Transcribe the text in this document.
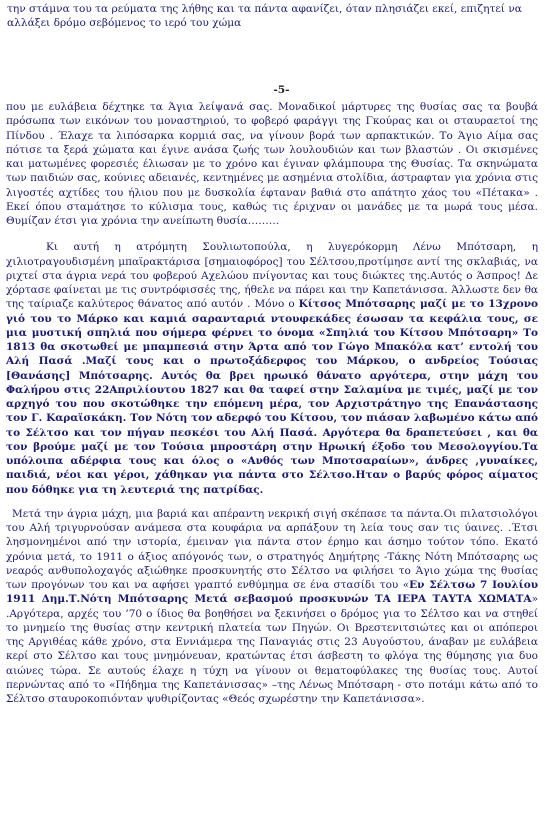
την στάμνα του τα ρεύματα της λήθης και τα πάντα αφανίζει, όταν πλησιάζει εκεί, επιζητεί να αλλάξει δρόμο σεβόμενος το ιερό του χώμα
-5-

που με ευλάβεια δέχτηκε τα Άγια λείψανά σας. Μοναδικοί μάρτυρες της θυσίας σας τα βουβά πρόσωπα των εικόνων του μοναστηριού, το φοβερό φαράγγι της Γκούρας και οι σταυραετοί της Πίνδου . Έλαχε τα λιπόσαρκα κορμιά σας, να γίνουν βορά των αρπακτικών. Το Άγιο Αίμα σας πότισε τα ξερά χώματα και έγινε ανάσα ζωής των λουλουδιών και των βλαστών . Οι σκισμένες και ματωμένες φορεσιές έλιωσαν με το χρόνο και έγιναν φλάμπουρα της Θυσίας. Τα σκηνώματα των παιδιών σας, κούνιες αδειανές, κεντημένες με ασημένια στολίδια, άστραφταν για χρόνια στις λιγοστές αχτίδες του ήλιου που με δυσκολία έφταναν βαθιά στο απάτητο χάος του «Πέτακα» . Εκεί όπου σταμάτησε το κύλισμα τους, καθώς τις έριχναν οι μανάδες με τα μωρά τους μέσα. Θυμίζαν έτσι για χρόνια την ανείπωτη θυσία………

Κι αυτή η ατρόμητη Σουλιωτοπούλα, η λυγερόκορμη Λένω Μπότσαρη, η χιλιοτραγουδισμένη μπαϊρακτάρισα [σημαιοφόρος] του Σέλτσου,προτίμησε αντί της σκλαβιάς, να ριχτεί στα άγρια νερά του φοβερού Αχελώου πνίγοντας και τους διώκτες της.Αυτός ο Άσπρος! Δε χόρτασε φαίνεται με τις συντρόφισσές της, ήθελε να πάρει και την Καπετάνισσα. Άλλωστε δεν θα της ταίριαζε καλύτερος θάνατος από αυτόν . Μόνο ο Κίτσος Μπότσαρης μαζί με το 13χρονο γιό του το Μάρκο και καμιά σαρανταριά ντουφεκάδες έσωσαν τα κεφάλια τους, σε μια μυστική σπηλιά που σήμερα φέρνει το όνομα «Σπηλιά του Κίτσου Μπότσαρη» Το 1813 θα σκοτωθεί με μπαμπεσιά στην Άρτα από τον Γώγο Μπακόλα κατ’ εντολή του Αλή Πασά .Μαζί τους και ο πρωτοξάδερφος του Μάρκου, ο ανδρείος Τούσιας [Θανάσης] Μπότσαρης. Αυτός θα βρει ηρωικό θάνατο αργότερα, στην μάχη του Φαλήρου στις 22Απριλίουτου 1827 και θα ταφεί στην Σαλαμίνα με τιμές, μαζί με τον αρχηγό του που σκοτώθηκε την επόμενη μέρα, τον Αρχιστράτηγο της Επανάστασης τον Γ. Καραϊσκάκη. Τον Νότη τον αδερφό του Κίτσου, τον πιάσαν λαβωμένο κάτω από το Σέλτσο και τον πήγαν πεσκέσι του Αλή Πασά. Αργότερα θα δραπετεύσει , και θα τον βρούμε μαζί με τον Τούσια μπροστάρη στην Ηρωική έξοδο του Μεσολογγίου.Τα υπόλοιπα αδέρφια τους και όλος ο «Ανθός των Μποτσαραίων», άνδρες ,γυναίκες, παιδιά, νέοι και γέροι, χάθηκαν για πάντα στο Σέλτσο.Ηταν ο βαρύς φόρος αίματος που δόθηκε για τη λευτεριά της πατρίδας.

Μετά την άγρια μάχη, μια βαριά και απέραντη νεκρική σιγή σκέπασε τα πάντα.Οι πιλατσιολόγοι του Αλή τριγυρνούσαν ανάμεσα στα κουφάρια να αρπάξουν τη λεία τους σαν τις ύαινες. .Έτσι λησμονημένοι από την ιστορία, έμειναν για πάντα στον έρημο και άσημο τούτον τόπο. Εκατό χρόνια μετά, το 1911 ο άξιος απόγονός των, ο στρατηγός Δημήτρης -Τάκης Νότη Μπότσαρης ως νεαρός ανθυπολοχαγός αξιώθηκε προσκυνητής στο Σέλτσο να φιλήσει το Άγιο χώμα της θυσίας των προγόνων του και να αφήσει γραπτό ενθύμημα σε ένα στασίδι του «Εν Σέλτσω 7 Ιουλίου 1911 Δημ.Τ.Νότη Μπότσαρης Μετά σεβασμού προσκυνών ΤΑ ΙΕΡΑ ΤΑΥΤΑ ΧΩΜΑΤΑ» .Αργότερα, αρχές του ’70 ο ίδιος θα βοηθήσει να ξεκινήσει ο δρόμος για το Σέλτσο και να στηθεί το μνημείο της θυσίας στην κεντρική πλατεία των Πηγών. Οι Βρεστενιτσιώτες και οι απόπεροι της Αργιθέας κάθε χρόνο, στα Εννιάμερα της Παναγιάς στις 23 Αυγούστου, άναβαν με ευλάβεια κερί στο Σέλτσο και τους μνημόνευαν, κρατώντας έτσι άσβεστη το φλόγα της θύμησης για δυο αιώνες τώρα. Σε αυτούς έλαχε η τύχη να γίνουν οι θεματοφύλακες της θυσίας τους. Αυτοί περνώντας από το «Πήδημα της Καπετάνισσας» –της Λένως Μπότσαρη - στο ποτάμι κάτω από το Σέλτσο σταυροκοπιόνταν ψυθιρίζοντας «Θεός σχωρέστην την Καπετάνισσα».
